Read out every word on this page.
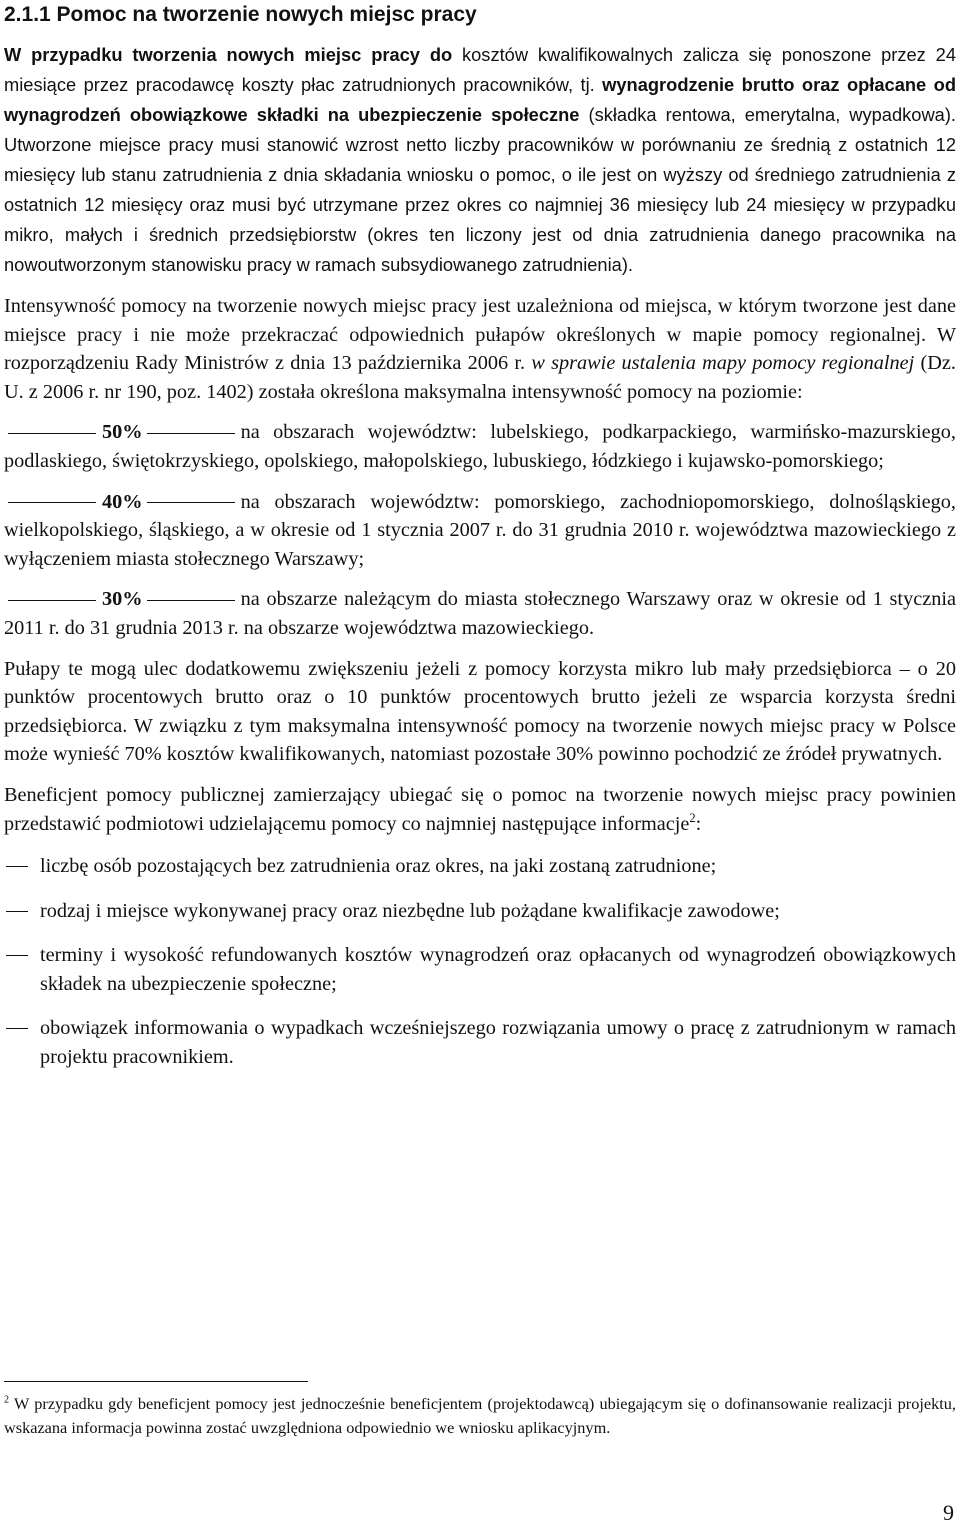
2.1.1 Pomoc na tworzenie nowych miejsc pracy

W przypadku tworzenia nowych miejsc pracy do kosztów kwalifikowalnych zalicza się ponoszone przez 24 miesiące przez pracodawcę koszty płac zatrudnionych pracowników, tj. wynagrodzenie brutto oraz opłacane od wynagrodzeń obowiązkowe składki na ubezpieczenie społeczne (składka rentowa, emerytalna, wypadkowa). Utworzone miejsce pracy musi stanowić wzrost netto liczby pracowników w porównaniu ze średnią z ostatnich 12 miesięcy lub stanu zatrudnienia z dnia składania wniosku o pomoc, o ile jest on wyższy od średniego zatrudnienia z ostatnich 12 miesięcy oraz musi być utrzymane przez okres co najmniej 36 miesięcy lub 24 miesięcy w przypadku mikro, małych i średnich przedsiębiorstw (okres ten liczony jest od dnia zatrudnienia danego pracownika na nowoutworzonym stanowisku pracy w ramach subsydiowanego zatrudnienia).

Intensywność pomocy na tworzenie nowych miejsc pracy jest uzależniona od miejsca, w którym tworzone jest dane miejsce pracy i nie może przekraczać odpowiednich pułapów określonych w mapie pomocy regionalnej. W rozporządzeniu Rady Ministrów z dnia 13 października 2006 r. w sprawie ustalenia mapy pomocy regionalnej (Dz. U. z 2006 r. nr 190, poz. 1402) została określona maksymalna intensywność pomocy na poziomie:

50%	na obszarach województw: lubelskiego, podkarpackiego, warmińsko-mazurskiego, podlaskiego, świętokrzyskiego, opolskiego, małopolskiego, lubuskiego, łódzkiego i kujawsko-pomorskiego;

40%	na obszarach województw: pomorskiego, zachodniopomorskiego, dolnośląskiego, wielkopolskiego, śląskiego, a w okresie od 1 stycznia 2007 r. do 31 grudnia 2010 r. województwa mazowieckiego z wyłączeniem miasta stołecznego Warszawy;

30%	na obszarze należącym do miasta stołecznego Warszawy oraz w okresie od 1 stycznia 2011 r. do 31 grudnia 2013 r. na obszarze województwa mazowieckiego.

Pułapy te mogą ulec dodatkowemu zwiększeniu jeżeli z pomocy korzysta mikro lub mały przedsiębiorca – o 20 punktów procentowych brutto oraz o 10 punktów procentowych brutto jeżeli ze wsparcia korzysta średni przedsiębiorca. W związku z tym maksymalna intensywność pomocy na tworzenie nowych miejsc pracy w Polsce może wynieść 70% kosztów kwalifikowanych, natomiast pozostałe 30% powinno pochodzić ze źródeł prywatnych.

Beneficjent pomocy publicznej zamierzający ubiegać się o pomoc na tworzenie nowych miejsc pracy powinien przedstawić podmiotowi udzielającemu pomocy co najmniej następujące informacje$^2$:

liczbę osób pozostających bez zatrudnienia oraz okres, na jaki zostaną zatrudnione;
rodzaj i miejsce wykonywanej pracy oraz niezbędne lub pożądane kwalifikacje zawodowe;
terminy i wysokość refundowanych kosztów wynagrodzeń oraz opłacanych od wynagrodzeń obowiązkowych składek na ubezpieczenie społeczne;
obowiązek informowania o wypadkach wcześniejszego rozwiązania umowy o pracę z zatrudnionym w ramach projektu pracownikiem.

$^2$ W przypadku gdy beneficjent pomocy jest jednocześnie beneficjentem (projektodawcą) ubiegającym się o dofinansowanie realizacji projektu, wskazana informacja powinna zostać uwzględniona odpowiednio we wniosku aplikacyjnym.

9
